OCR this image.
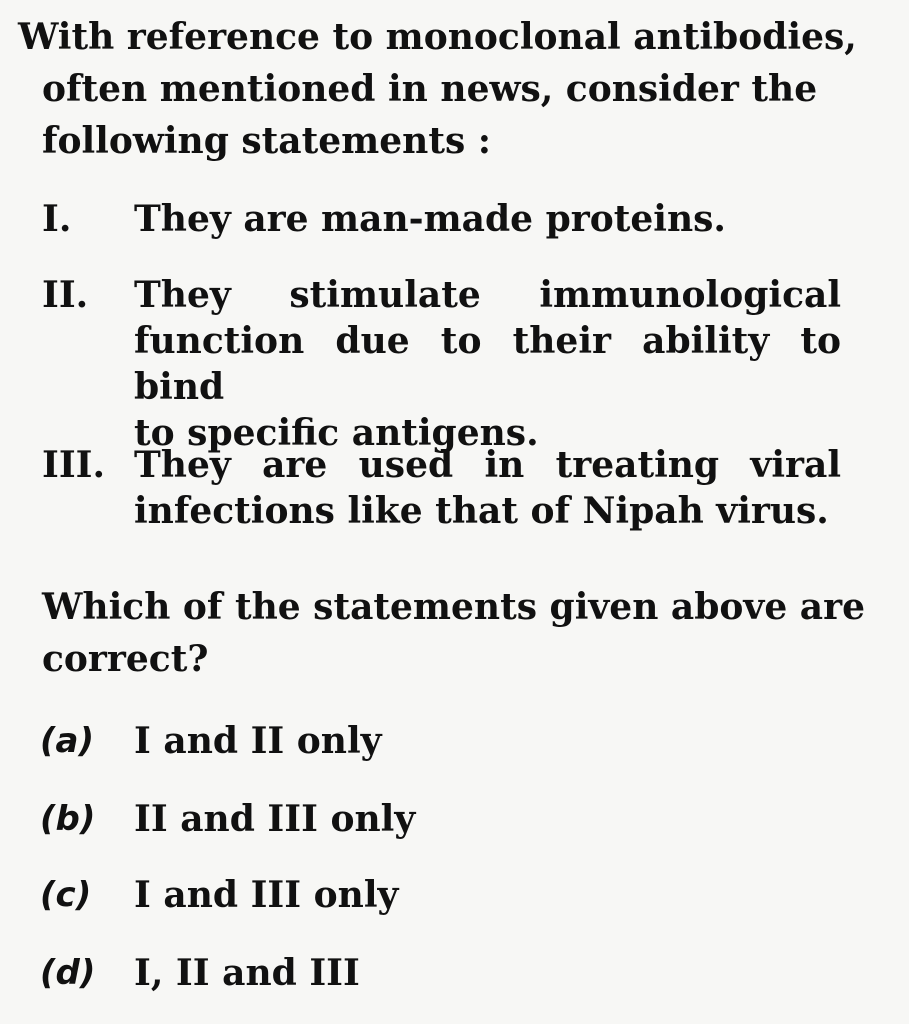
With reference to monoclonal antibodies,
often mentioned in news, consider the
following statements :
I. They are man-made proteins.
II. They stimulate immunological
function due to their ability to bind
to specific antigens.
III. They are used in treating viral
infections like that of Nipah virus.
Which of the statements given above are
correct?
(a) I and II only
(b) II and III only
(c) I and III only
(d) I, II and III
